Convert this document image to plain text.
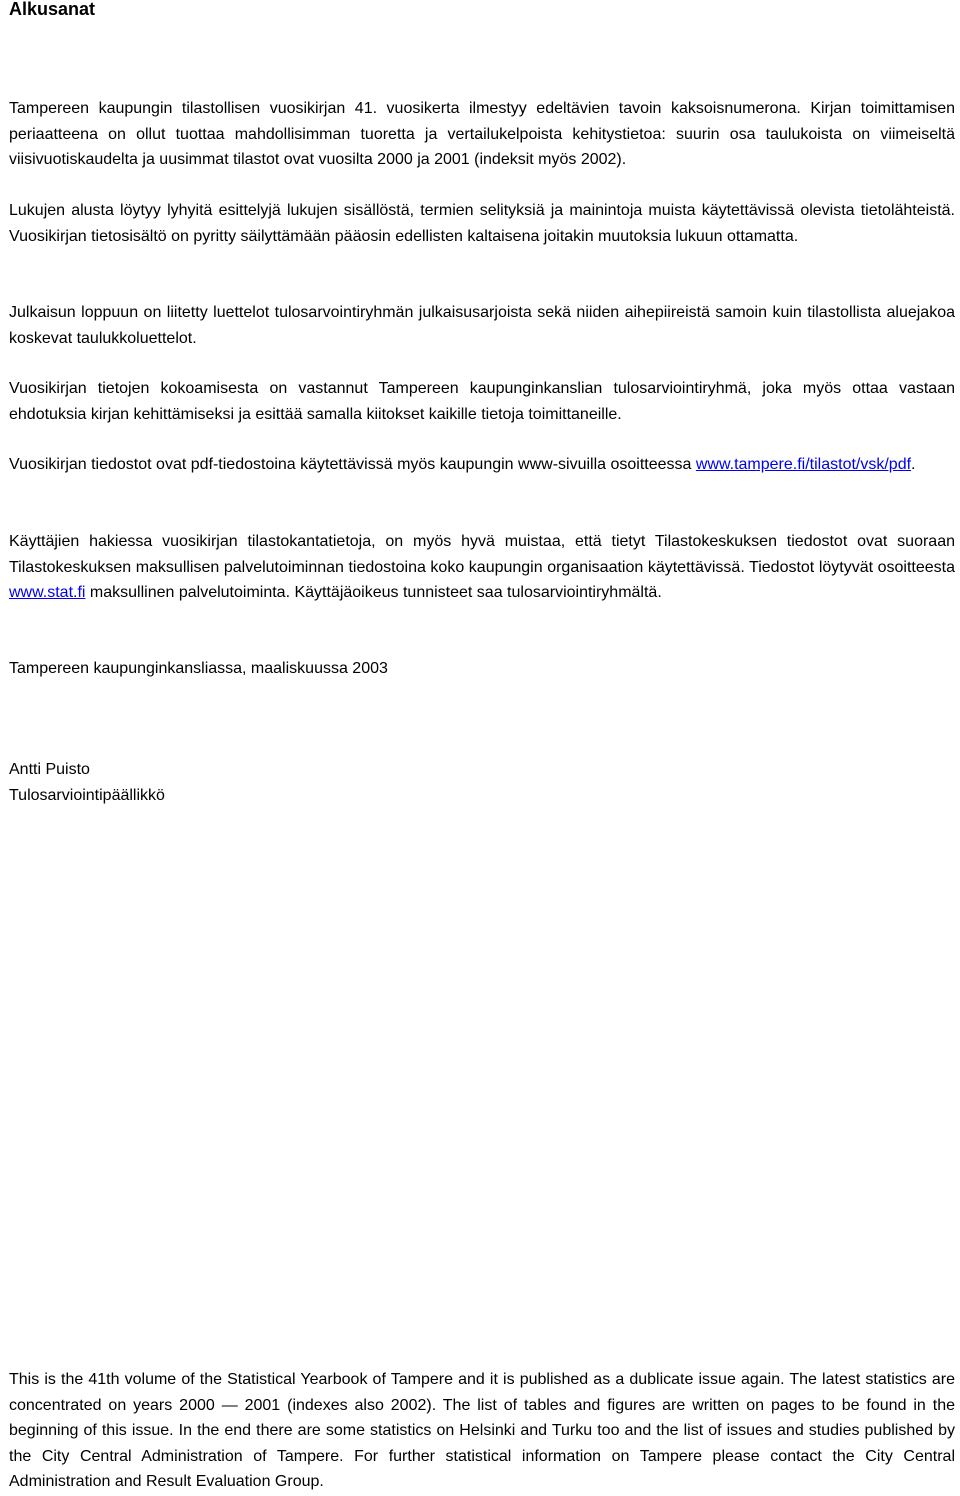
Alkusanat

Tampereen kaupungin tilastollisen vuosikirjan 41. vuosikerta ilmestyy edeltävien tavoin kaksoisnumerona. Kirjan toimittamisen periaatteena on ollut tuottaa mahdollisimman tuoretta ja vertailukelpoista kehitystietoa: suurin osa taulukoista on viimeiseltä viisivuotiskaudelta ja uusimmat tilastot ovat vuosilta 2000 ja 2001 (indeksit myös 2002).

Lukujen alusta löytyy lyhyitä esittelyjä lukujen sisällöstä, termien selityksiä ja mainintoja muista käytettävissä olevista tietolähteistä. Vuosikirjan tietosisältö on pyritty säilyttämään pääosin edellisten kaltaisena joitakin muutoksia lukuun ottamatta.

Julkaisun loppuun on liitetty luettelot tulosarvointiryhmän julkaisusarjoista sekä niiden aihepiireistä samoin kuin tilastollista aluejakoa koskevat taulukkoluettelot.

Vuosikirjan tietojen kokoamisesta on vastannut Tampereen kaupunginkanslian tulosarviointiryhmä, joka myös ottaa vastaan ehdotuksia kirjan kehittämiseksi ja esittää samalla kiitokset kaikille tietoja toimittaneille.

Vuosikirjan tiedostot ovat pdf-tiedostoina käytettävissä myös kaupungin www-sivuilla osoitteessa www.tampere.fi/tilastot/vsk/pdf.

Käyttäjien hakiessa vuosikirjan tilastokantatietoja, on myös hyvä muistaa, että tietyt Tilastokeskuksen tiedostot ovat suoraan Tilastokeskuksen maksullisen palvelutoiminnan tiedostoina koko kaupungin organisaation käytettävissä. Tiedostot löytyvät osoitteesta www.stat.fi maksullinen palvelutoiminta. Käyttäjäoikeus tunnisteet saa tulosarviointiryhmältä.

Tampereen kaupunginkansliassa, maaliskuussa 2003

Antti Puisto

Tulosarviointipäällikkö

This is the 41th volume of the Statistical Yearbook of Tampere and it is published as a dublicate issue again. The latest statistics are concentrated on years 2000 — 2001 (indexes also 2002). The list of tables and figures are written on pages to be found in the beginning of this issue. In the end there are some statistics on Helsinki and Turku too and the list of issues and studies published by the City Central Administration of Tampere. For further statistical information on Tampere please contact the City Central Administration and Result Evaluation Group.
